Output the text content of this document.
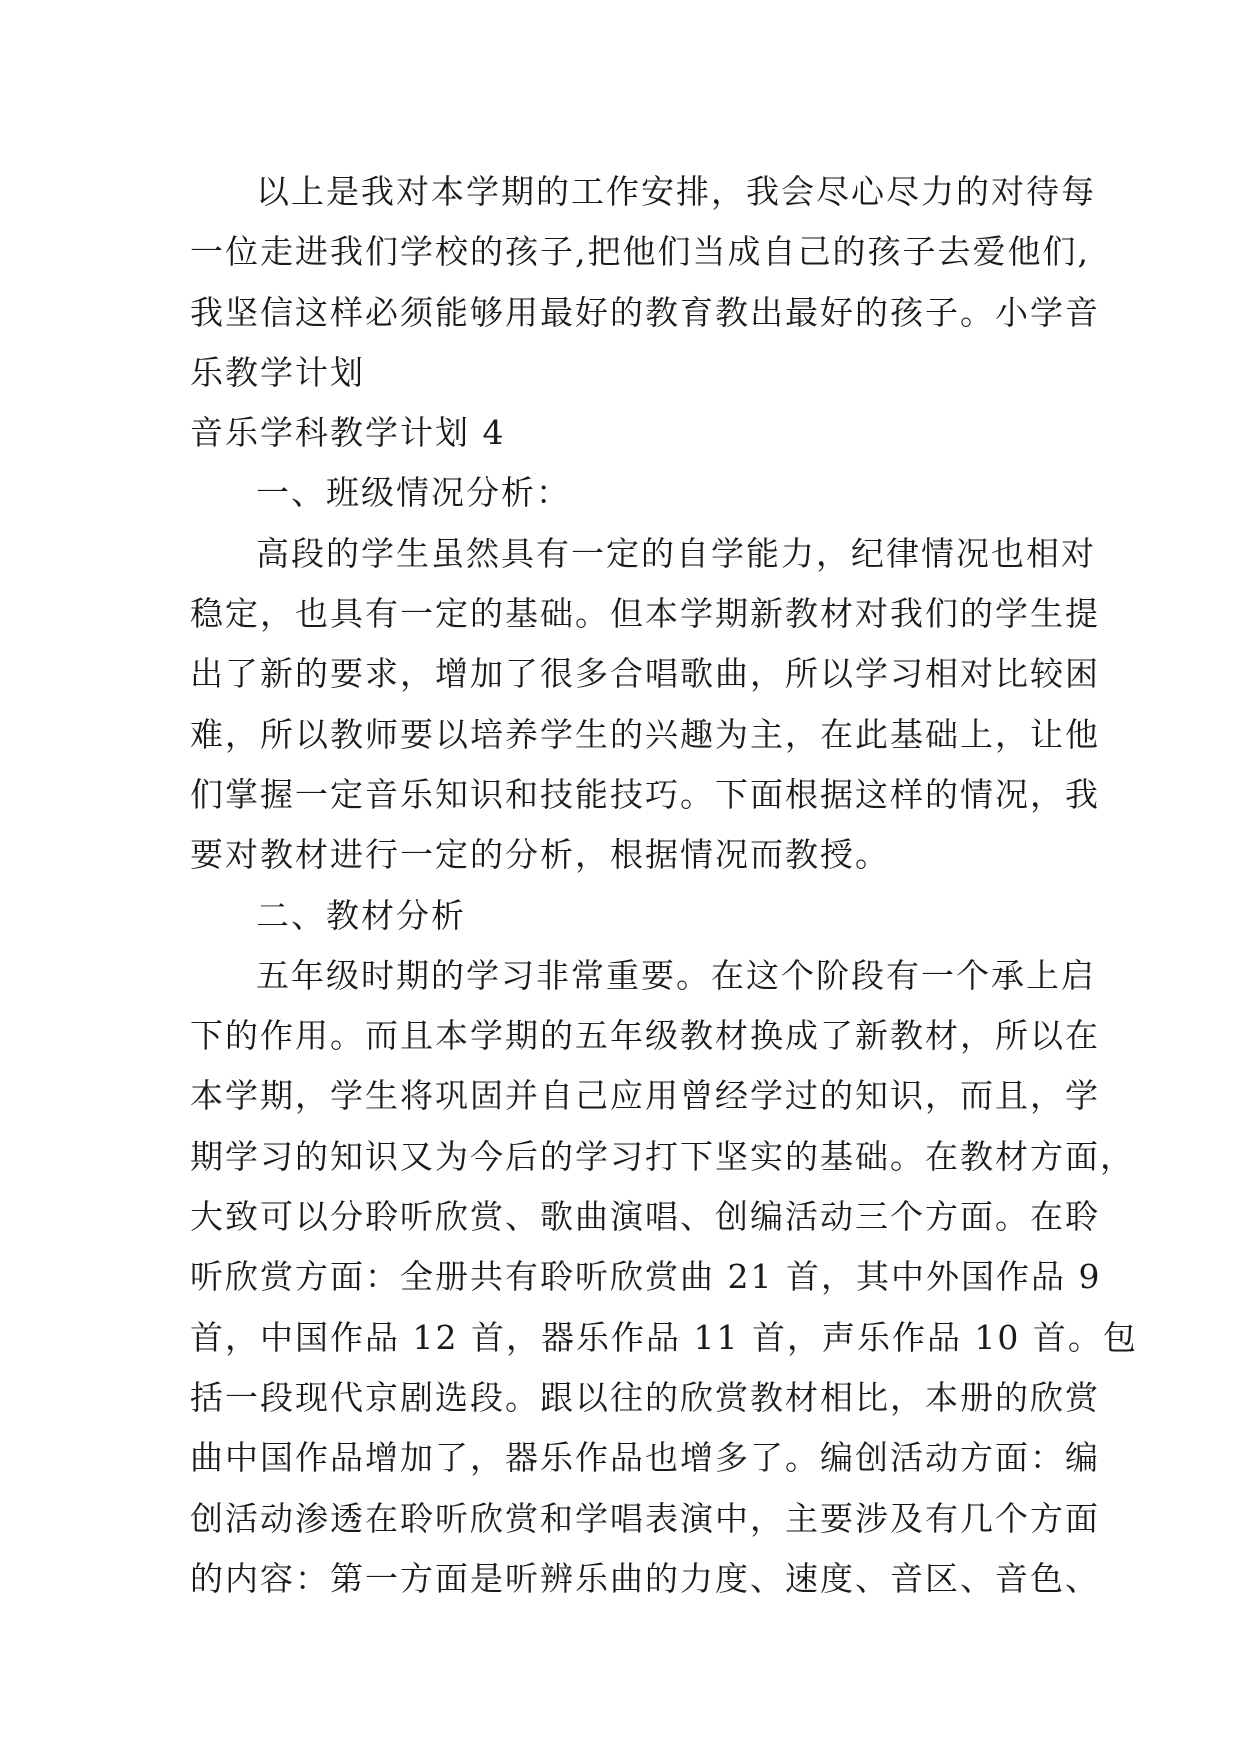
以上是我对本学期的工作安排，我会尽心尽力的对待每
一位走进我们学校的孩子,把他们当成自己的孩子去爱他们,
我坚信这样必须能够用最好的教育教出最好的孩子。小学音
乐教学计划
音乐学科教学计划 4
一、班级情况分析：
高段的学生虽然具有一定的自学能力，纪律情况也相对
稳定，也具有一定的基础。但本学期新教材对我们的学生提
出了新的要求，增加了很多合唱歌曲，所以学习相对比较困
难，所以教师要以培养学生的兴趣为主，在此基础上，让他
们掌握一定音乐知识和技能技巧。下面根据这样的情况，我
要对教材进行一定的分析，根据情况而教授。
二、教材分析
五年级时期的学习非常重要。在这个阶段有一个承上启
下的作用。而且本学期的五年级教材换成了新教材，所以在
本学期，学生将巩固并自己应用曾经学过的知识，而且，学
期学习的知识又为今后的学习打下坚实的基础。在教材方面，
大致可以分聆听欣赏、歌曲演唱、创编活动三个方面。在聆
听欣赏方面：全册共有聆听欣赏曲 21 首，其中外国作品 9
首，中国作品 12 首，器乐作品 11 首，声乐作品 10 首。包
括一段现代京剧选段。跟以往的欣赏教材相比，本册的欣赏
曲中国作品增加了，器乐作品也增多了。编创活动方面：编
创活动渗透在聆听欣赏和学唱表演中，主要涉及有几个方面
的内容：第一方面是听辨乐曲的力度、速度、音区、音色、
